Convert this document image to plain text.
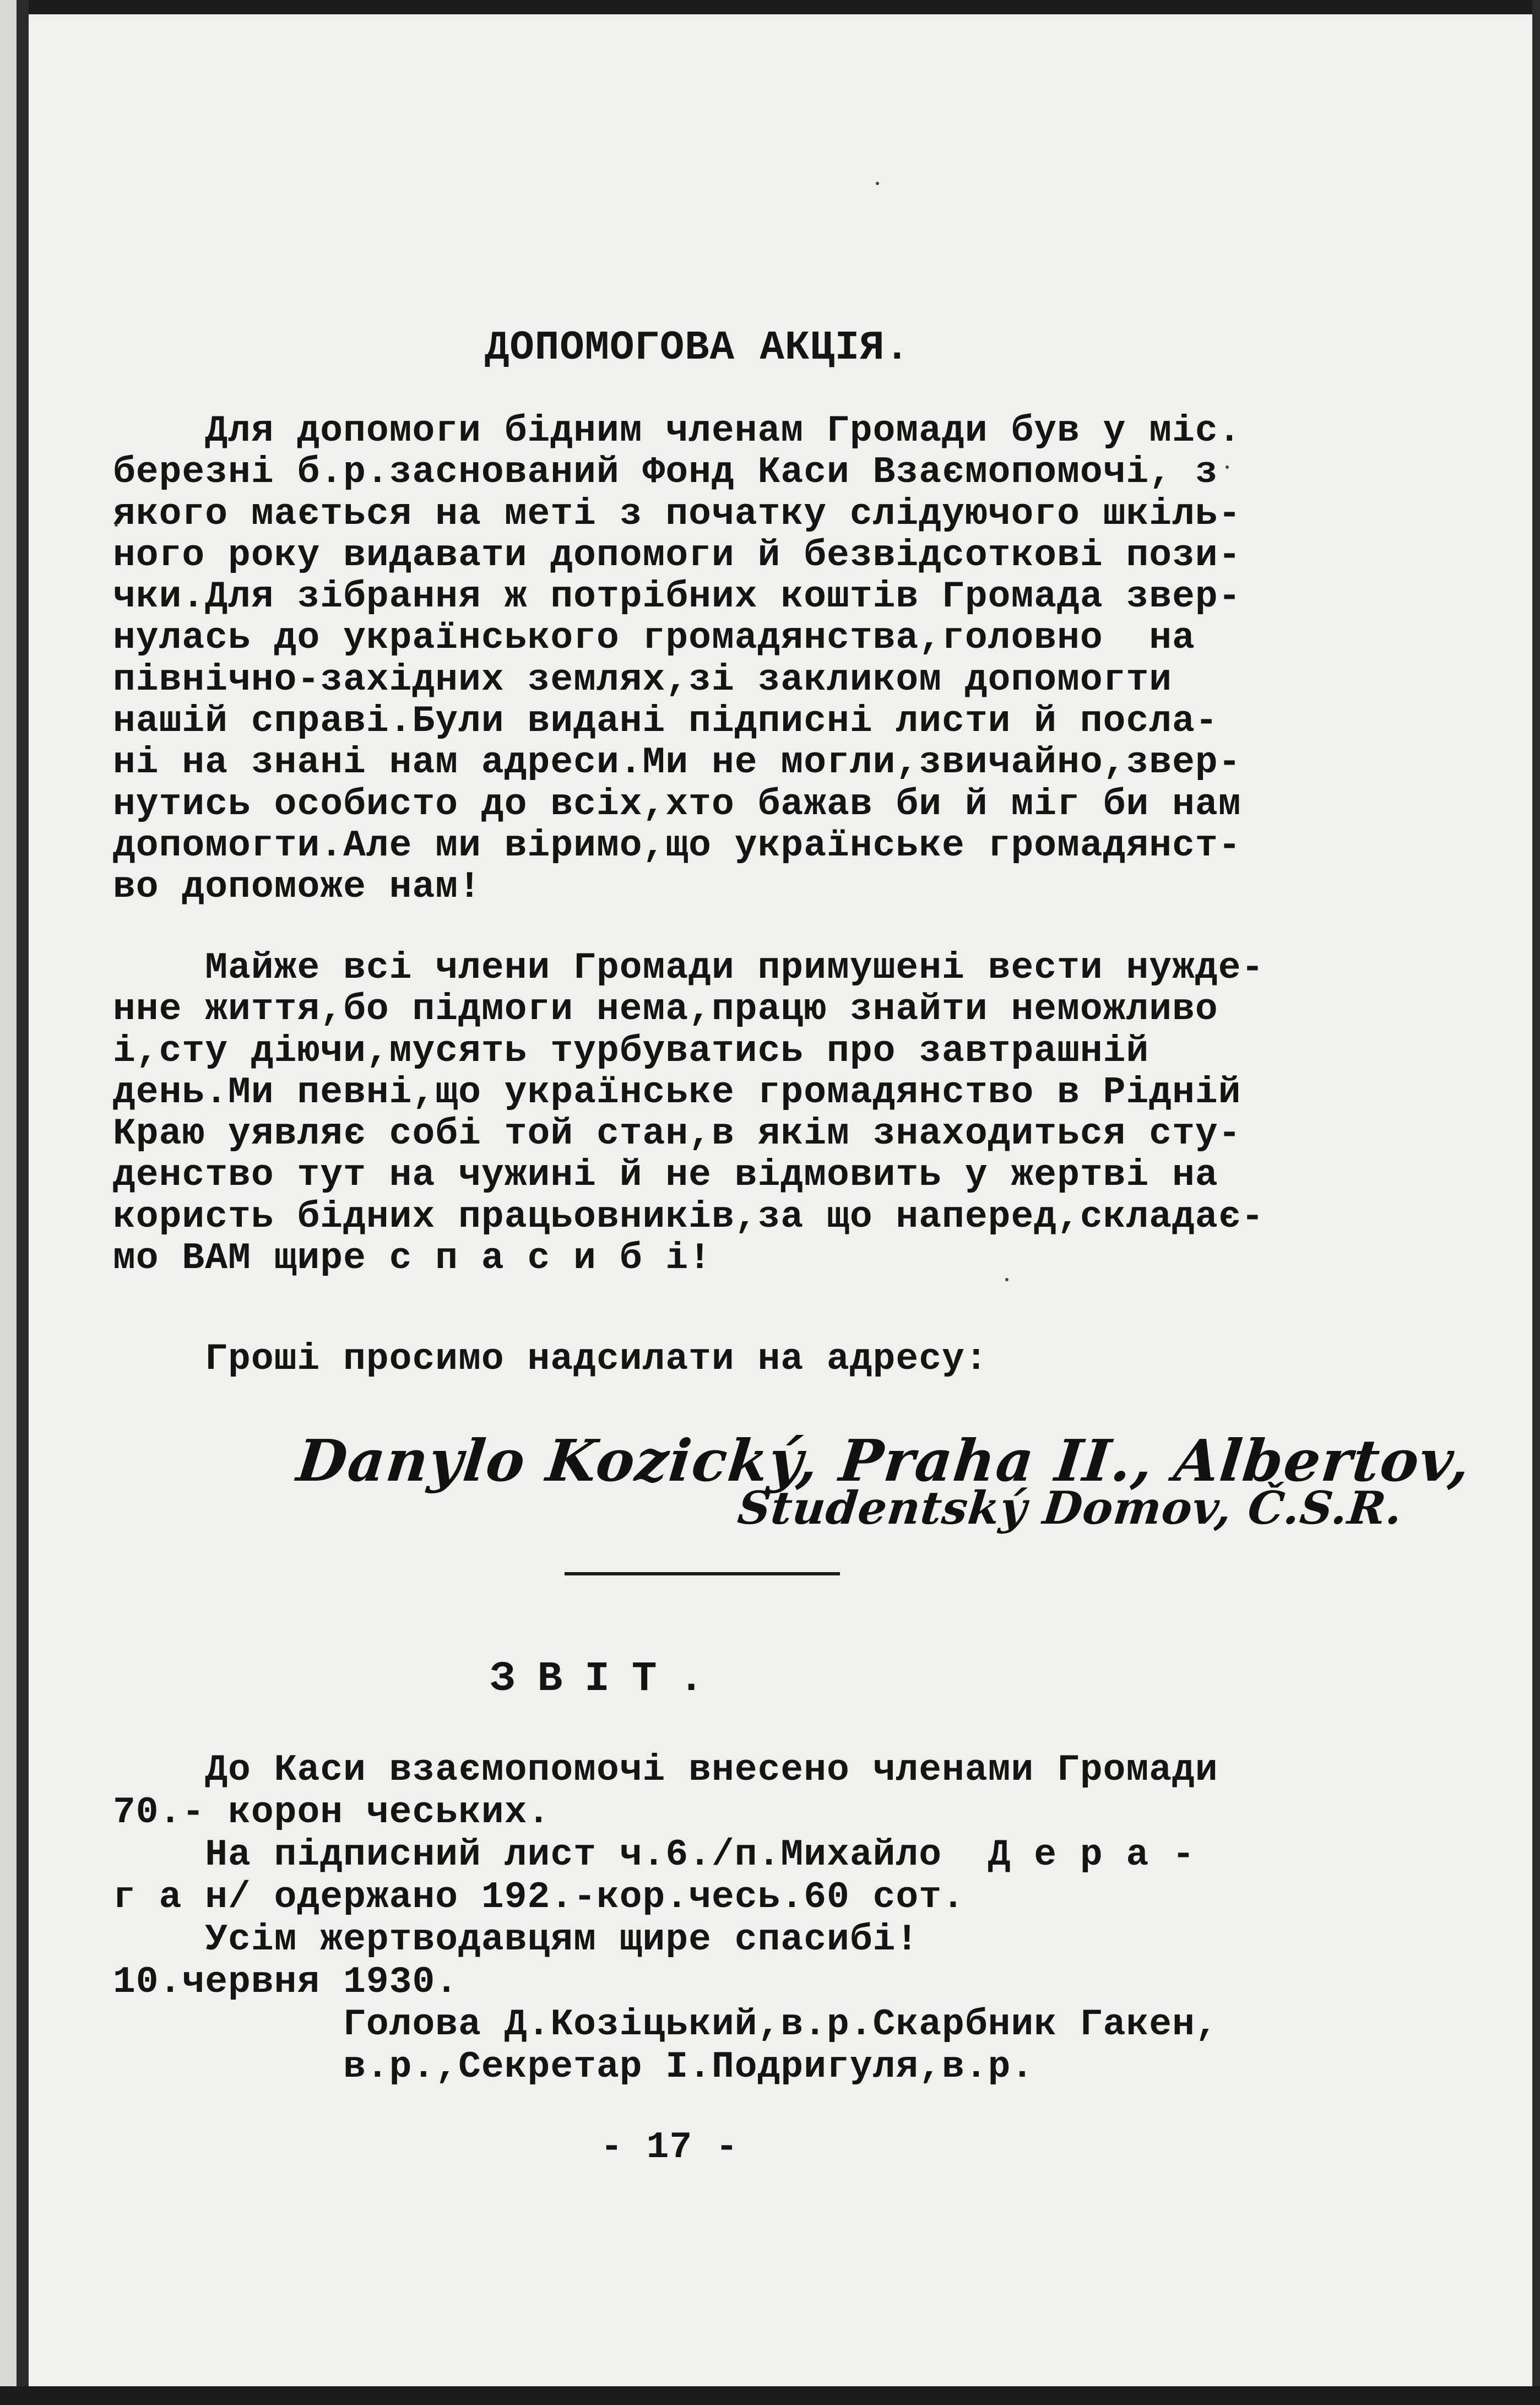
ДОПОМОГОВА АКЦІЯ.
Для допомоги бідним членам Громади був у міс.
березні б.р.заснований Фонд Каси Взаємопомочі, з
якого мається на меті з початку слідуючого шкіль-
ного року видавати допомоги й безвідсоткові пози-
чки.Для зібрання ж потрібних коштів Громада звер-
нулась до українського громадянства,головно  на
північно-західних землях,зі закликом допомогти
нашій справі.Були видані підписні листи й посла-
ні на знані нам адреси.Ми не могли,звичайно,звер-
нутись особисто до всіх,хто бажав би й міг би нам
допомогти.Але ми віримо,що українське громадянст-
во допоможе нам!
Майже всі члени Громади примушені вести нужде-
нне життя,бо підмоги нема,працю знайти неможливо
і,сту діючи,мусять турбуватись про завтрашній
день.Ми певні,що українське громадянство в Рідній
Краю уявляє собі той стан,в якім знаходиться сту-
денство тут на чужині й не відмовить у жертві на
користь бідних працьовників,за що наперед,складає-
мо ВАМ щире с п а с и б і!
Гроші просимо надсилати на адресу:
Danylo Kozický, Praha II., Albertov,
Studentský Domov, Č.S.R.
ЗВІТ.
До Каси взаємопомочі внесено членами Громади
70.- корон чеських.
На підписний лист ч.6./п.Михайло  Д е р а -
г а н/ одержано 192.-кор.чесь.60 сот.
Усім жертводавцям щире спасибі!
10.червня 1930.
Голова Д.Козіцький,в.р.Скарбник Гакен,
в.р.,Секретар І.Подригуля,в.р.
- 17 -
